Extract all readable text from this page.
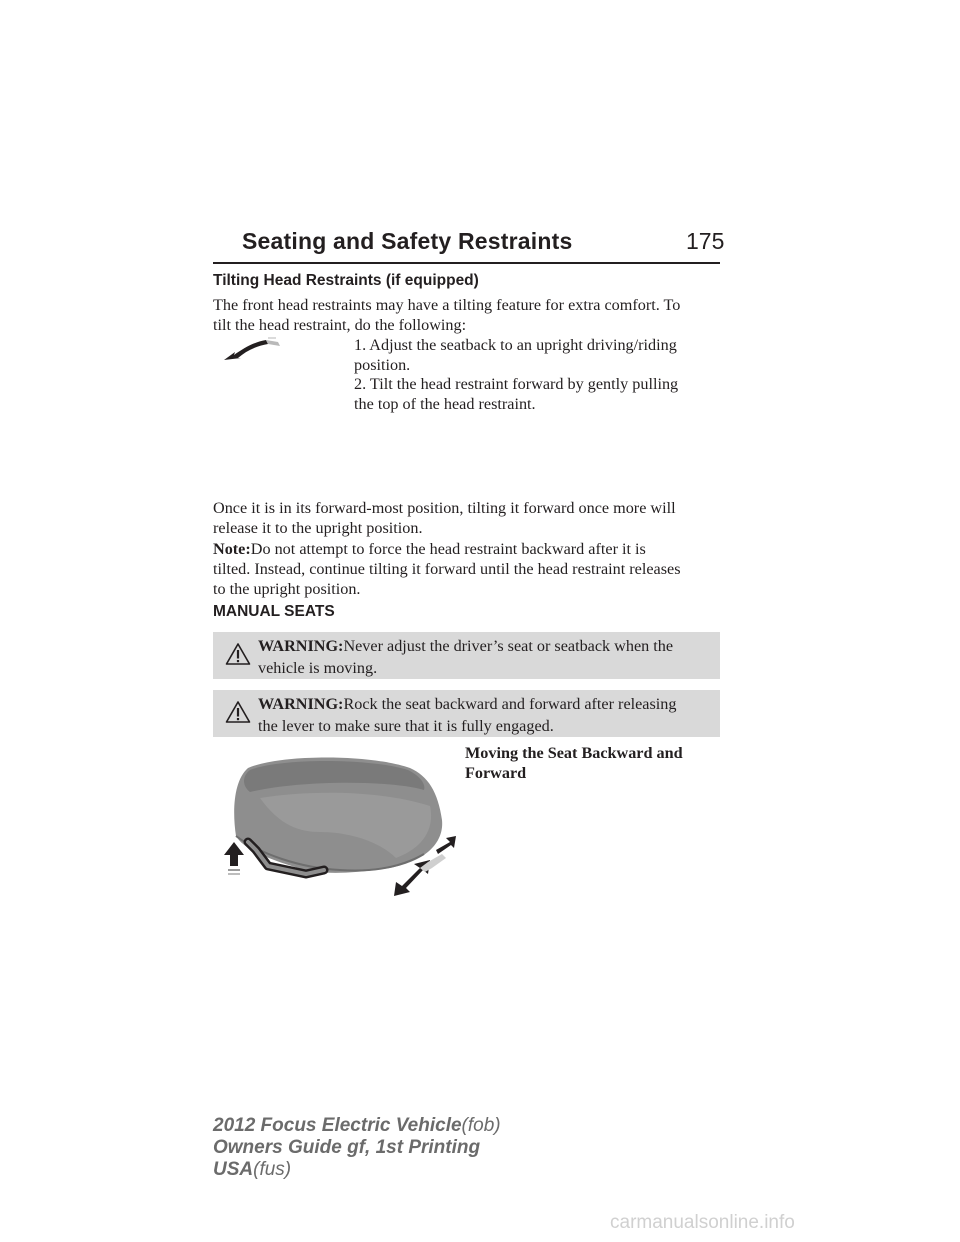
Seating and Safety Restraints	175
Tilting Head Restraints (if equipped)
The front head restraints may have a tilting feature for extra comfort. To
tilt the head restraint, do the following:
1. Adjust the seatback to an upright driving/riding
position.
2. Tilt the head restraint forward by gently pulling
the top of the head restraint.
Once it is in its forward-most position, tilting it forward once more will
release it to the upright position.
Note:Do not attempt to force the head restraint backward after it is
tilted. Instead, continue tilting it forward until the head restraint releases
to the upright position.
MANUAL SEATS
WARNING:Never adjust the driver’s seat or seatback when the
vehicle is moving.
WARNING:Rock the seat backward and forward after releasing
the lever to make sure that it is fully engaged.
Moving the Seat Backward and
Forward
2012 Focus Electric Vehicle(fob)
Owners Guide gf, 1st Printing
USA(fus)
carmanualsonline.info
